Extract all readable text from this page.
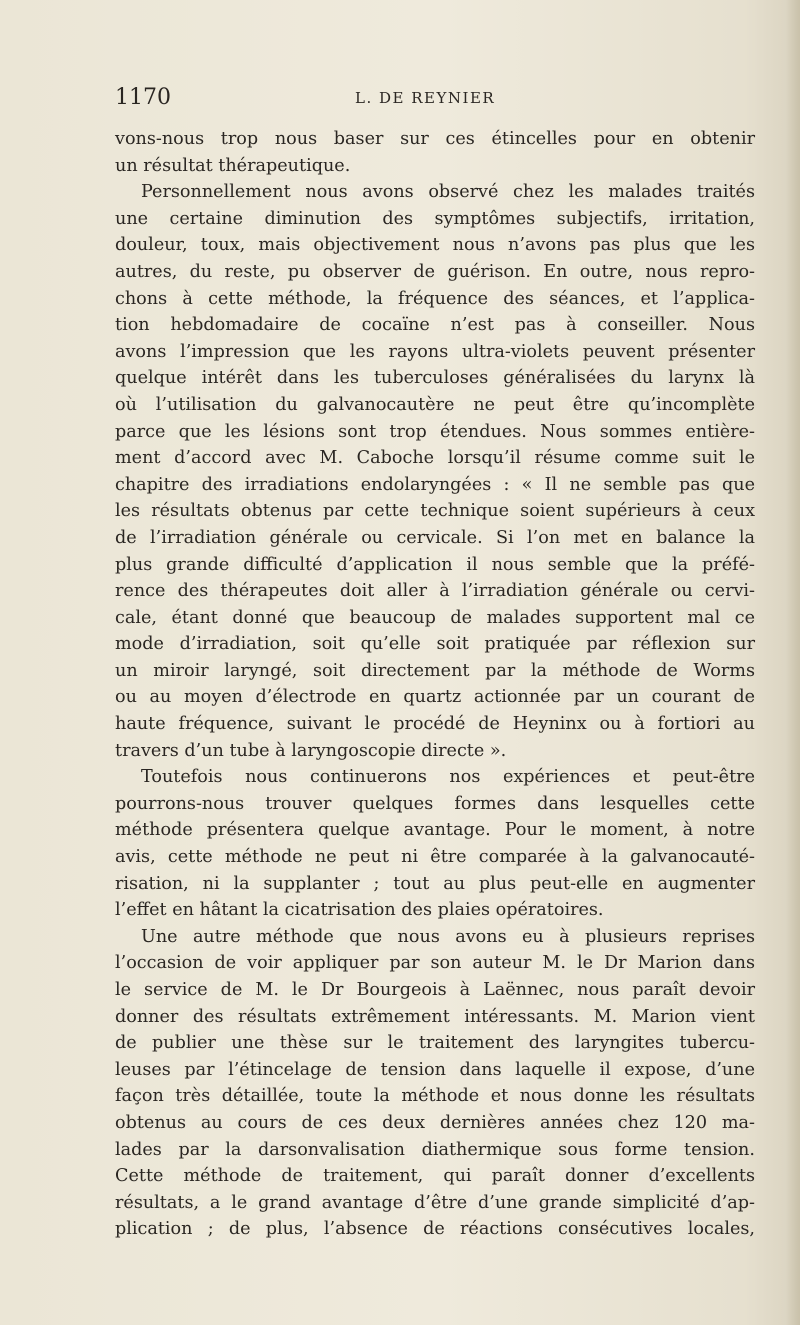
1170	L. DE REYNIER
vons-nous trop nous baser sur ces étincelles pour en obtenir
un résultat thérapeutique.
Personnellement nous avons observé chez les malades traités
une certaine diminution des symptômes subjectifs, irritation,
douleur, toux, mais objectivement nous n’avons pas plus que les
autres, du reste, pu observer de guérison. En outre, nous repro-
chons à cette méthode, la fréquence des séances, et l’applica-
tion hebdomadaire de cocaïne n’est pas à conseiller. Nous
avons l’impression que les rayons ultra-violets peuvent présenter
quelque intérêt dans les tuberculoses généralisées du larynx là
où l’utilisation du galvanocautère ne peut être qu’incomplète
parce que les lésions sont trop étendues. Nous sommes entière-
ment d’accord avec M. Caboche lorsqu’il résume comme suit le
chapitre des irradiations endolaryngées : « Il ne semble pas que
les résultats obtenus par cette technique soient supérieurs à ceux
de l’irradiation générale ou cervicale. Si l’on met en balance la
plus grande difficulté d’application il nous semble que la préfé-
rence des thérapeutes doit aller à l’irradiation générale ou cervi-
cale, étant donné que beaucoup de malades supportent mal ce
mode d’irradiation, soit qu’elle soit pratiquée par réflexion sur
un miroir laryngé, soit directement par la méthode de Worms
ou au moyen d’électrode en quartz actionnée par un courant de
haute fréquence, suivant le procédé de Heyninx ou à fortiori au
travers d’un tube à laryngoscopie directe ».
Toutefois nous continuerons nos expériences et peut-être
pourrons-nous trouver quelques formes dans lesquelles cette
méthode présentera quelque avantage. Pour le moment, à notre
avis, cette méthode ne peut ni être comparée à la galvanocauté-
risation, ni la supplanter ; tout au plus peut-elle en augmenter
l’effet en hâtant la cicatrisation des plaies opératoires.
Une autre méthode que nous avons eu à plusieurs reprises
l’occasion de voir appliquer par son auteur M. le Dr Marion dans
le service de M. le Dr Bourgeois à Laënnec, nous paraît devoir
donner des résultats extrêmement intéressants. M. Marion vient
de publier une thèse sur le traitement des laryngites tubercu-
leuses par l’étincelage de tension dans laquelle il expose, d’une
façon très détaillée, toute la méthode et nous donne les résultats
obtenus au cours de ces deux dernières années chez 120 ma-
lades par la darsonvalisation diathermique sous forme tension.
Cette méthode de traitement, qui paraît donner d’excellents
résultats, a le grand avantage d’être d’une grande simplicité d’ap-
plication ; de plus, l’absence de réactions consécutives locales,
